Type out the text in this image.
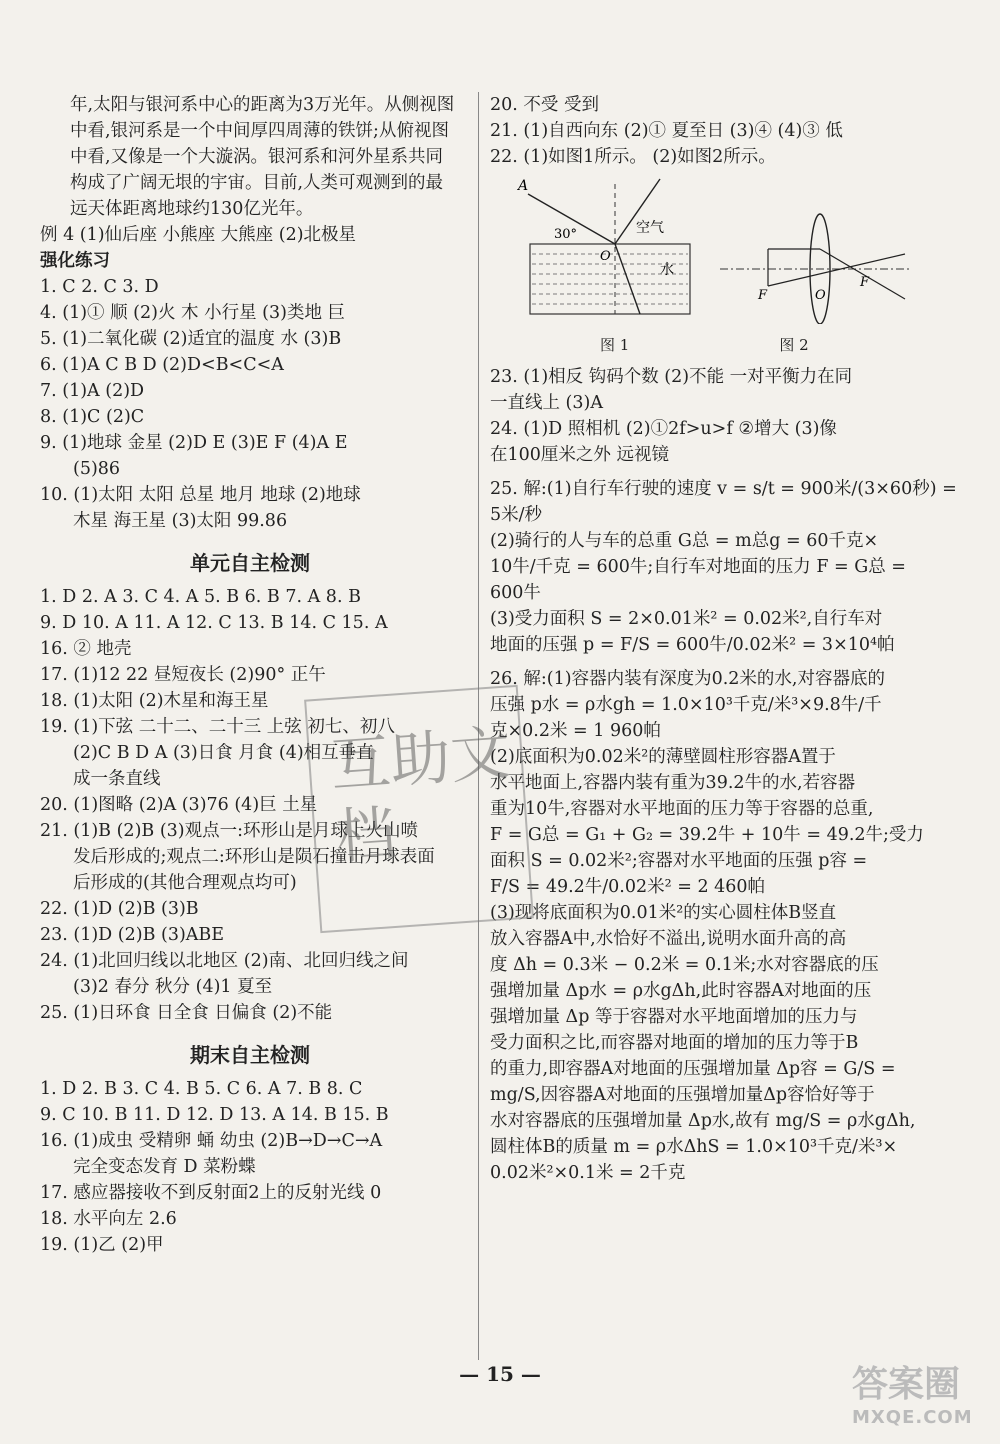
年,太阳与银河系中心的距离为3万光年。从侧视图中看,银河系是一个中间厚四周薄的铁饼;从俯视图中看,又像是一个大漩涡。银河系和河外星系共同构成了广阔无垠的宇宙。目前,人类可观测到的最远天体距离地球约130亿光年。
例 4 (1)仙后座 小熊座 大熊座 (2)北极星
强化练习
1. C 2. C 3. D
4. (1)① 顺 (2)火 木 小行星 (3)类地 巨
5. (1)二氧化碳 (2)适宜的温度 水 (3)B
6. (1)A C B D (2)D<B<C<A
7. (1)A (2)D
8. (1)C (2)C
9. (1)地球 金星 (2)D E (3)E F (4)A E
(5)86
10. (1)太阳 太阳 总星 地月 地球 (2)地球
木星 海王星 (3)太阳 99.86
单元自主检测
1. D 2. A 3. C 4. A 5. B 6. B 7. A 8. B
9. D 10. A 11. A 12. C 13. B 14. C 15. A
16. ② 地壳
17. (1)12 22 昼短夜长 (2)90° 正午
18. (1)太阳 (2)木星和海王星
19. (1)下弦 二十二、二十三 上弦 初七、初八
(2)C B D A (3)日食 月食 (4)相互垂直
成一条直线
20. (1)图略 (2)A (3)76 (4)巨 土星
21. (1)B (2)B (3)观点一:环形山是月球上火山喷
发后形成的;观点二:环形山是陨石撞击月球表面
后形成的(其他合理观点均可)
22. (1)D (2)B (3)B
23. (1)D (2)B (3)ABE
24. (1)北回归线以北地区 (2)南、北回归线之间
(3)2 春分 秋分 (4)1 夏至
25. (1)日环食 日全食 日偏食 (2)不能
期末自主检测
1. D 2. B 3. C 4. B 5. C 6. A 7. B 8. C
9. C 10. B 11. D 12. D 13. A 14. B 15. B
16. (1)成虫 受精卵 蛹 幼虫 (2)B→D→C→A
完全变态发育 D 菜粉蝶
17. 感应器接收不到反射面2上的反射光线 0
18. 水平向左 2.6
19. (1)乙 (2)甲
20. 不受 受到
21. (1)自西向东 (2)① 夏至日 (3)④ (4)③ 低
22. (1)如图1所示。 (2)如图2所示。
A
30°
O
空气
水
F	O
F
图 1	图 2
23. (1)相反 钩码个数 (2)不能 一对平衡力在同
一直线上 (3)A
24. (1)D 照相机 (2)①2f>u>f ②增大 (3)像
在100厘米之外 远视镜
25. 解:(1)自行车行驶的速度 v = s/t = 900米/(3×60秒) =
5米/秒
(2)骑行的人与车的总重 G总 = m总g = 60千克×
10牛/千克 = 600牛;自行车对地面的压力 F = G总 =
600牛
(3)受力面积 S = 2×0.01米² = 0.02米²,自行车对
地面的压强 p = F/S = 600牛/0.02米² = 3×10⁴帕
26. 解:(1)容器内装有深度为0.2米的水,对容器底的
压强 p水 = ρ水gh = 1.0×10³千克/米³×9.8牛/千
克×0.2米 = 1 960帕
(2)底面积为0.02米²的薄壁圆柱形容器A置于
水平地面上,容器内装有重为39.2牛的水,若容器
重为10牛,容器对水平地面的压力等于容器的总重,
F = G总 = G₁ + G₂ = 39.2牛 + 10牛 = 49.2牛;受力
面积 S = 0.02米²;容器对水平地面的压强 p容 =
F/S = 49.2牛/0.02米² = 2 460帕
(3)现将底面积为0.01米²的实心圆柱体B竖直
放入容器A中,水恰好不溢出,说明水面升高的高
度 Δh = 0.3米 − 0.2米 = 0.1米;水对容器底的压
强增加量 Δp水 = ρ水gΔh,此时容器A对地面的压
强增加量 Δp 等于容器对水平地面增加的压力与
受力面积之比,而容器对地面的增加的压力等于B
的重力,即容器A对地面的压强增加量 Δp容 = G/S =
mg/S,因容器A对地面的压强增加量Δp容恰好等于
水对容器底的压强增加量 Δp水,故有 mg/S = ρ水gΔh,
圆柱体B的质量 m = ρ水ΔhS = 1.0×10³千克/米³×
0.02米²×0.1米 = 2千克
互助文档
— 15 —	答案圈
MXQE.COM
